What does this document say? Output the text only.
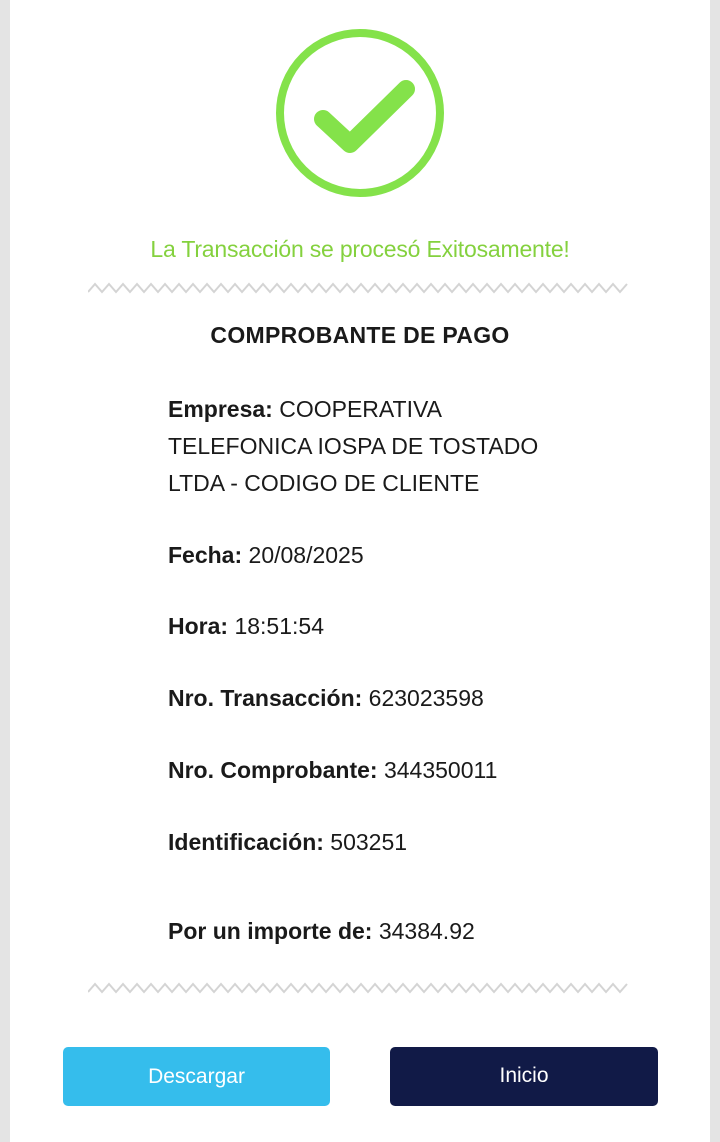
La Transacción se procesó Exitosamente!
COMPROBANTE DE PAGO
Empresa: COOPERATIVA TELEFONICA IOSPA DE TOSTADO LTDA - CODIGO DE CLIENTE
Fecha: 20/08/2025
Hora: 18:51:54
Nro. Transacción: 623023598
Nro. Comprobante: 344350011
Identificación: 503251
Por un importe de: 34384.92
Descargar	Inicio
